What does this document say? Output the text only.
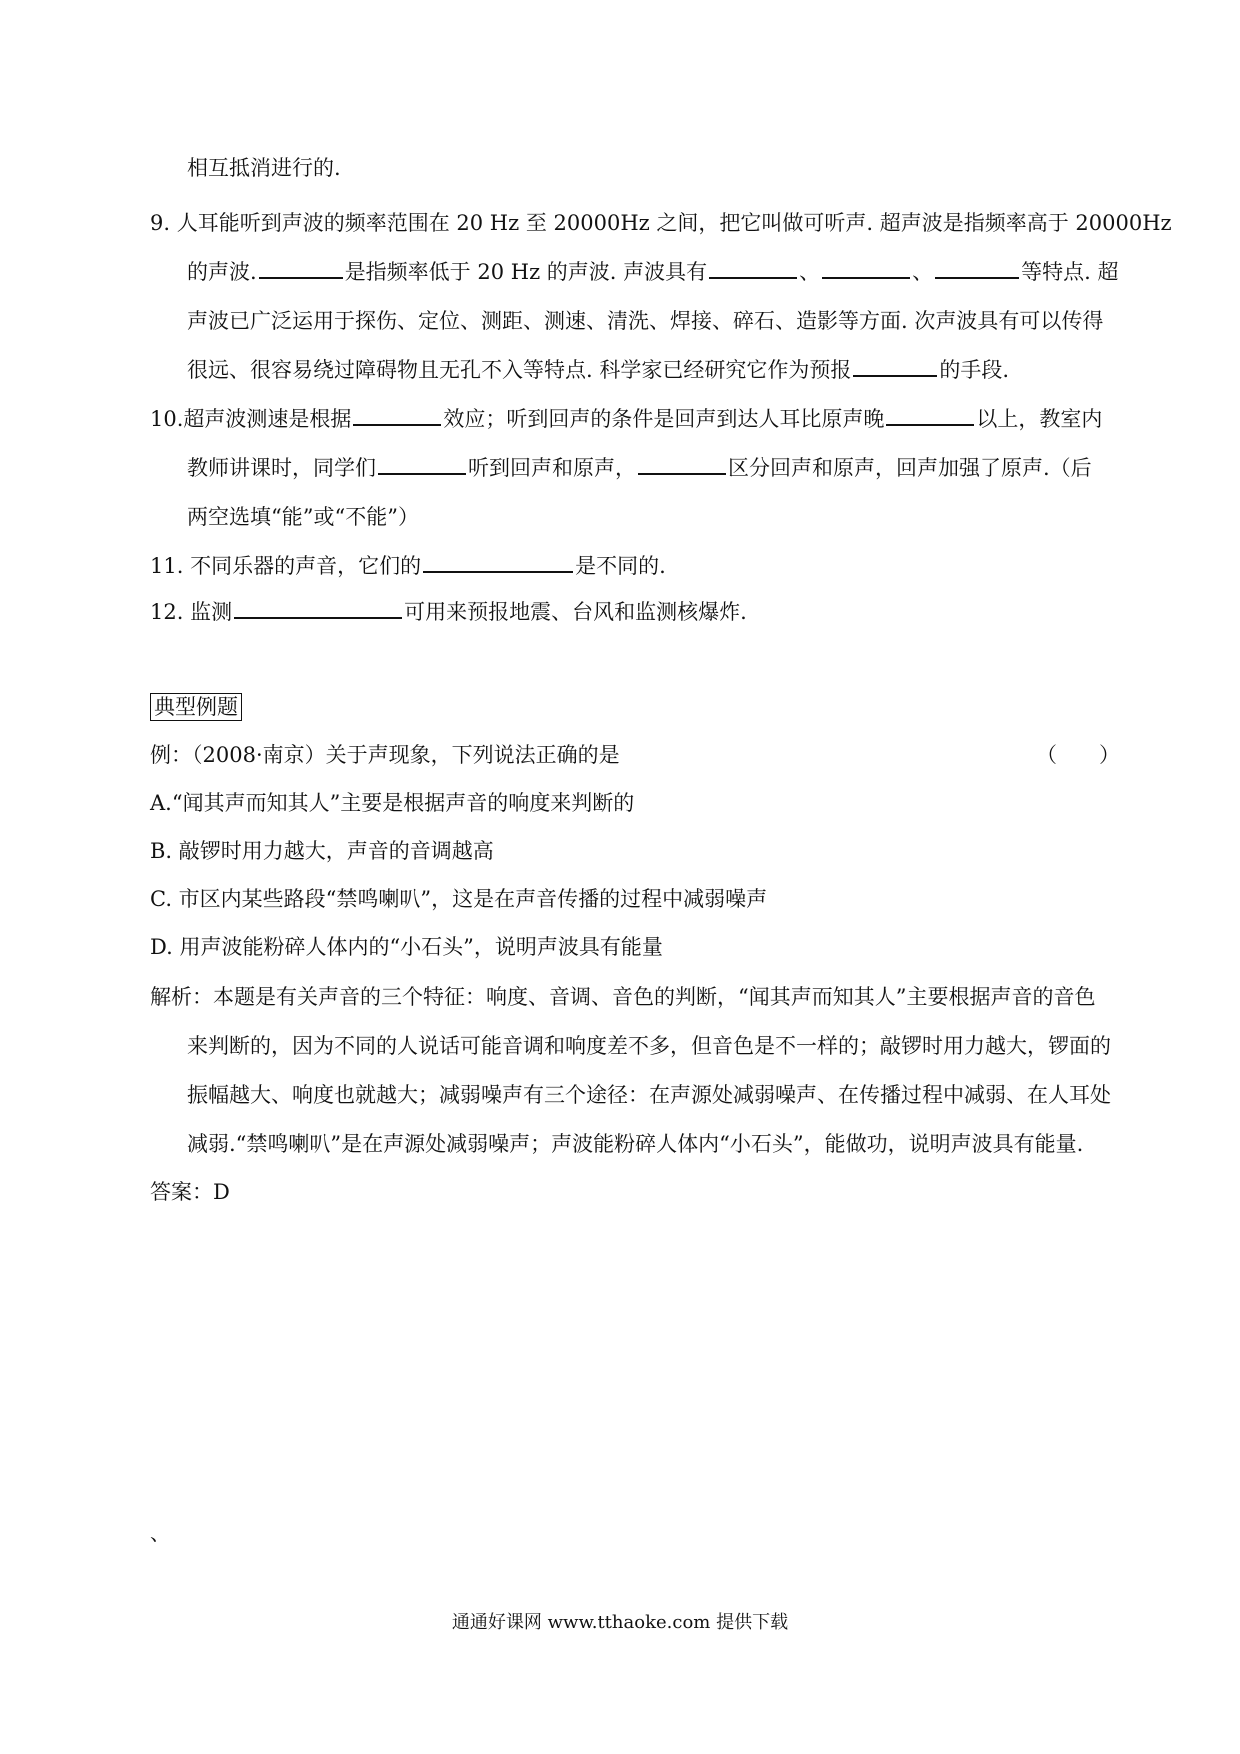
相互抵消进行的.
9. 人耳能听到声波的频率范围在 20 Hz 至 20000Hz 之间，把它叫做可听声. 超声波是指频率高于 20000Hz
的声波.	是指频率低于 20 Hz 的声波. 声波具有	、	、	等特点. 超
声波已广泛运用于探伤、定位、测距、测速、清洗、焊接、碎石、造影等方面. 次声波具有可以传得
很远、很容易绕过障碍物且无孔不入等特点. 科学家已经研究它作为预报	的手段.
10.超声波测速是根据	效应；听到回声的条件是回声到达人耳比原声晚	以上，教室内
教师讲课时，同学们	听到回声和原声，	区分回声和原声，回声加强了原声.（后
两空选填“能”或“不能”）
11. 不同乐器的声音，它们的	是不同的.
12. 监测	可用来预报地震、台风和监测核爆炸.
典型例题
例：（2008·南京）关于声现象，下列说法正确的是	（　　）
A.“闻其声而知其人”主要是根据声音的响度来判断的
B. 敲锣时用力越大，声音的音调越高
C. 市区内某些路段“禁鸣喇叭”，这是在声音传播的过程中减弱噪声
D. 用声波能粉碎人体内的“小石头”，说明声波具有能量
解析：本题是有关声音的三个特征：响度、音调、音色的判断，“闻其声而知其人”主要根据声音的音色
来判断的，因为不同的人说话可能音调和响度差不多，但音色是不一样的；敲锣时用力越大，锣面的
振幅越大、响度也就越大；减弱噪声有三个途径：在声源处减弱噪声、在传播过程中减弱、在人耳处
减弱.“禁鸣喇叭”是在声源处减弱噪声；声波能粉碎人体内“小石头”，能做功，说明声波具有能量.
答案：D
、
通通好课网 www.tthaoke.com 提供下载
